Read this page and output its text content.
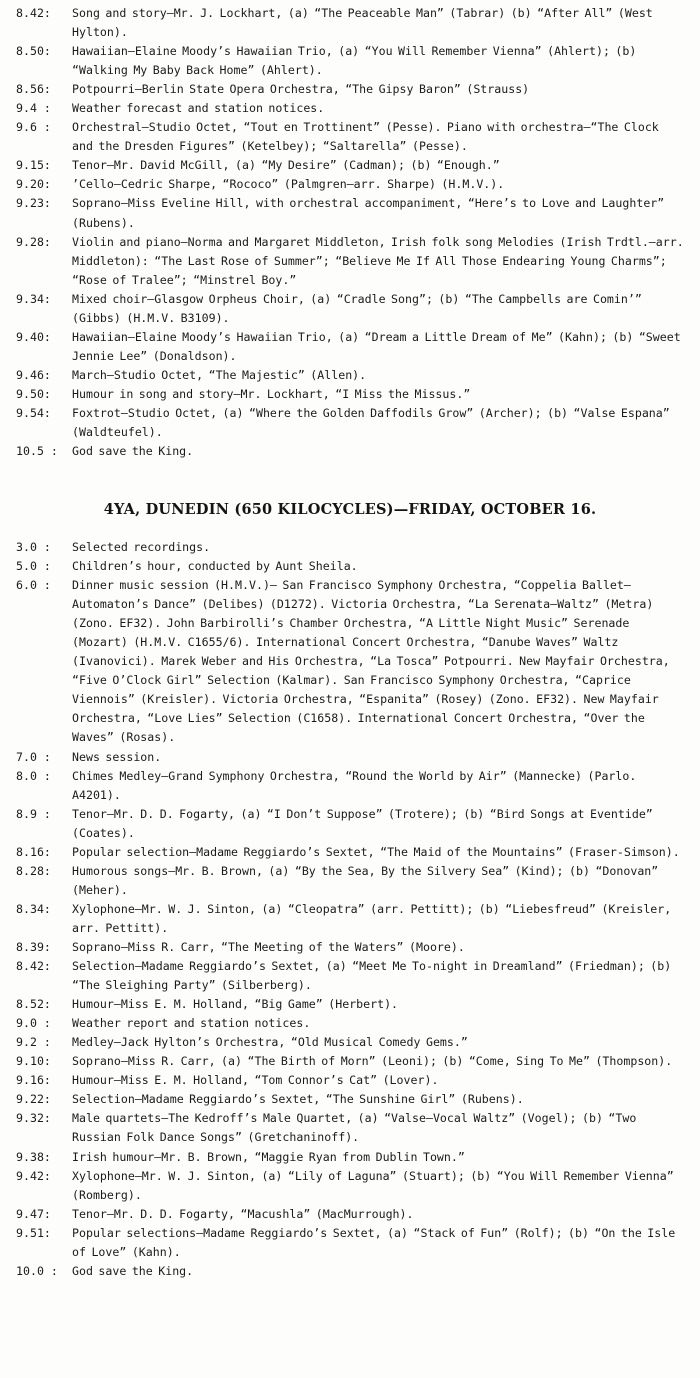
8.42:	Song and story—Mr. J. Lockhart, (a) “The Peaceable Man” (Tabrar) (b) “After All” (West Hylton).
8.50:	Hawaiian—Elaine Moody’s Hawaiian Trio, (a) “You Will Remember Vienna” (Ahlert); (b) “Walking My Baby Back Home” (Ahlert).
8.56:	Potpourri—Berlin State Opera Orchestra, “The Gipsy Baron” (Strauss)
9.4 :	Weather forecast and station notices.
9.6 :	Orchestral—Studio Octet, “Tout en Trottinent” (Pesse). Piano with orchestra—“The Clock and the Dresden Figures” (Ketelbey); “Saltarella” (Pesse).
9.15:	Tenor—Mr. David McGill, (a) “My Desire” (Cadman); (b) “Enough.”
9.20:	’Cello—Cedric Sharpe, “Rococo” (Palmgren—arr. Sharpe) (H.M.V.).
9.23:	Soprano—Miss Eveline Hill, with orchestral accompaniment, “Here’s to Love and Laughter” (Rubens).
9.28:	Violin and piano—Norma and Margaret Middleton, Irish folk song Melodies (Irish Trdtl.—arr. Middleton): “The Last Rose of Summer”; “Believe Me If All Those Endearing Young Charms”; “Rose of Tralee”; “Minstrel Boy.”
9.34:	Mixed choir—Glasgow Orpheus Choir, (a) “Cradle Song”; (b) “The Campbells are Comin’” (Gibbs) (H.M.V. B3109).
9.40:	Hawaiian—Elaine Moody’s Hawaiian Trio, (a) “Dream a Little Dream of Me” (Kahn); (b) “Sweet Jennie Lee” (Donaldson).
9.46:	March—Studio Octet, “The Majestic” (Allen).
9.50:	Humour in song and story—Mr. Lockhart, “I Miss the Missus.”
9.54:	Foxtrot—Studio Octet, (a) “Where the Golden Daffodils Grow” (Archer); (b) “Valse Espana” (Waldteufel).
10.5 :	God save the King.
4YA, DUNEDIN (650 KILOCYCLES)—FRIDAY, OCTOBER 16.
3.0 :	Selected recordings.
5.0 :	Children’s hour, conducted by Aunt Sheila.
6.0 :	Dinner music session (H.M.V.)— San Francisco Symphony Orchestra, “Coppelia Ballet—Automaton’s Dance” (Delibes) (D1272). Victoria Orchestra, “La Serenata—Waltz” (Metra) (Zono. EF32). John Barbirolli’s Chamber Orchestra, “A Little Night Music” Serenade (Mozart) (H.M.V. C1655/6). International Concert Orchestra, “Danube Waves” Waltz (Ivanovici). Marek Weber and His Orchestra, “La Tosca” Potpourri. New Mayfair Orchestra, “Five O’Clock Girl” Selection (Kalmar). San Francisco Symphony Orchestra, “Caprice Viennois” (Kreisler). Victoria Orchestra, “Espanita” (Rosey) (Zono. EF32). New Mayfair Orchestra, “Love Lies” Selection (C1658). International Concert Orchestra, “Over the Waves” (Rosas).
7.0 :	News session.
8.0 :	Chimes Medley—Grand Symphony Orchestra, “Round the World by Air” (Mannecke) (Parlo. A4201).
8.9 :	Tenor—Mr. D. D. Fogarty, (a) “I Don’t Suppose” (Trotere); (b) “Bird Songs at Eventide” (Coates).
8.16:	Popular selection—Madame Reggiardo’s Sextet, “The Maid of the Mountains” (Fraser-Simson).
8.28:	Humorous songs—Mr. B. Brown, (a) “By the Sea, By the Silvery Sea” (Kind); (b) “Donovan” (Meher).
8.34:	Xylophone—Mr. W. J. Sinton, (a) “Cleopatra” (arr. Pettitt); (b) “Liebesfreud” (Kreisler, arr. Pettitt).
8.39:	Soprano—Miss R. Carr, “The Meeting of the Waters” (Moore).
8.42:	Selection—Madame Reggiardo’s Sextet, (a) “Meet Me To-night in Dreamland” (Friedman); (b) “The Sleighing Party” (Silberberg).
8.52:	Humour—Miss E. M. Holland, “Big Game” (Herbert).
9.0 :	Weather report and station notices.
9.2 :	Medley—Jack Hylton’s Orchestra, “Old Musical Comedy Gems.”
9.10:	Soprano—Miss R. Carr, (a) “The Birth of Morn” (Leoni); (b) “Come, Sing To Me” (Thompson).
9.16:	Humour—Miss E. M. Holland, “Tom Connor’s Cat” (Lover).
9.22:	Selection—Madame Reggiardo’s Sextet, “The Sunshine Girl” (Rubens).
9.32:	Male quartets—The Kedroff’s Male Quartet, (a) “Valse—Vocal Waltz” (Vogel); (b) “Two Russian Folk Dance Songs” (Gretchaninoff).
9.38:	Irish humour—Mr. B. Brown, “Maggie Ryan from Dublin Town.”
9.42:	Xylophone—Mr. W. J. Sinton, (a) “Lily of Laguna” (Stuart); (b) “You Will Remember Vienna” (Romberg).
9.47:	Tenor—Mr. D. D. Fogarty, “Macushla” (MacMurrough).
9.51:	Popular selections—Madame Reggiardo’s Sextet, (a) “Stack of Fun” (Rolf); (b) “On the Isle of Love” (Kahn).
10.0 :	God save the King.
